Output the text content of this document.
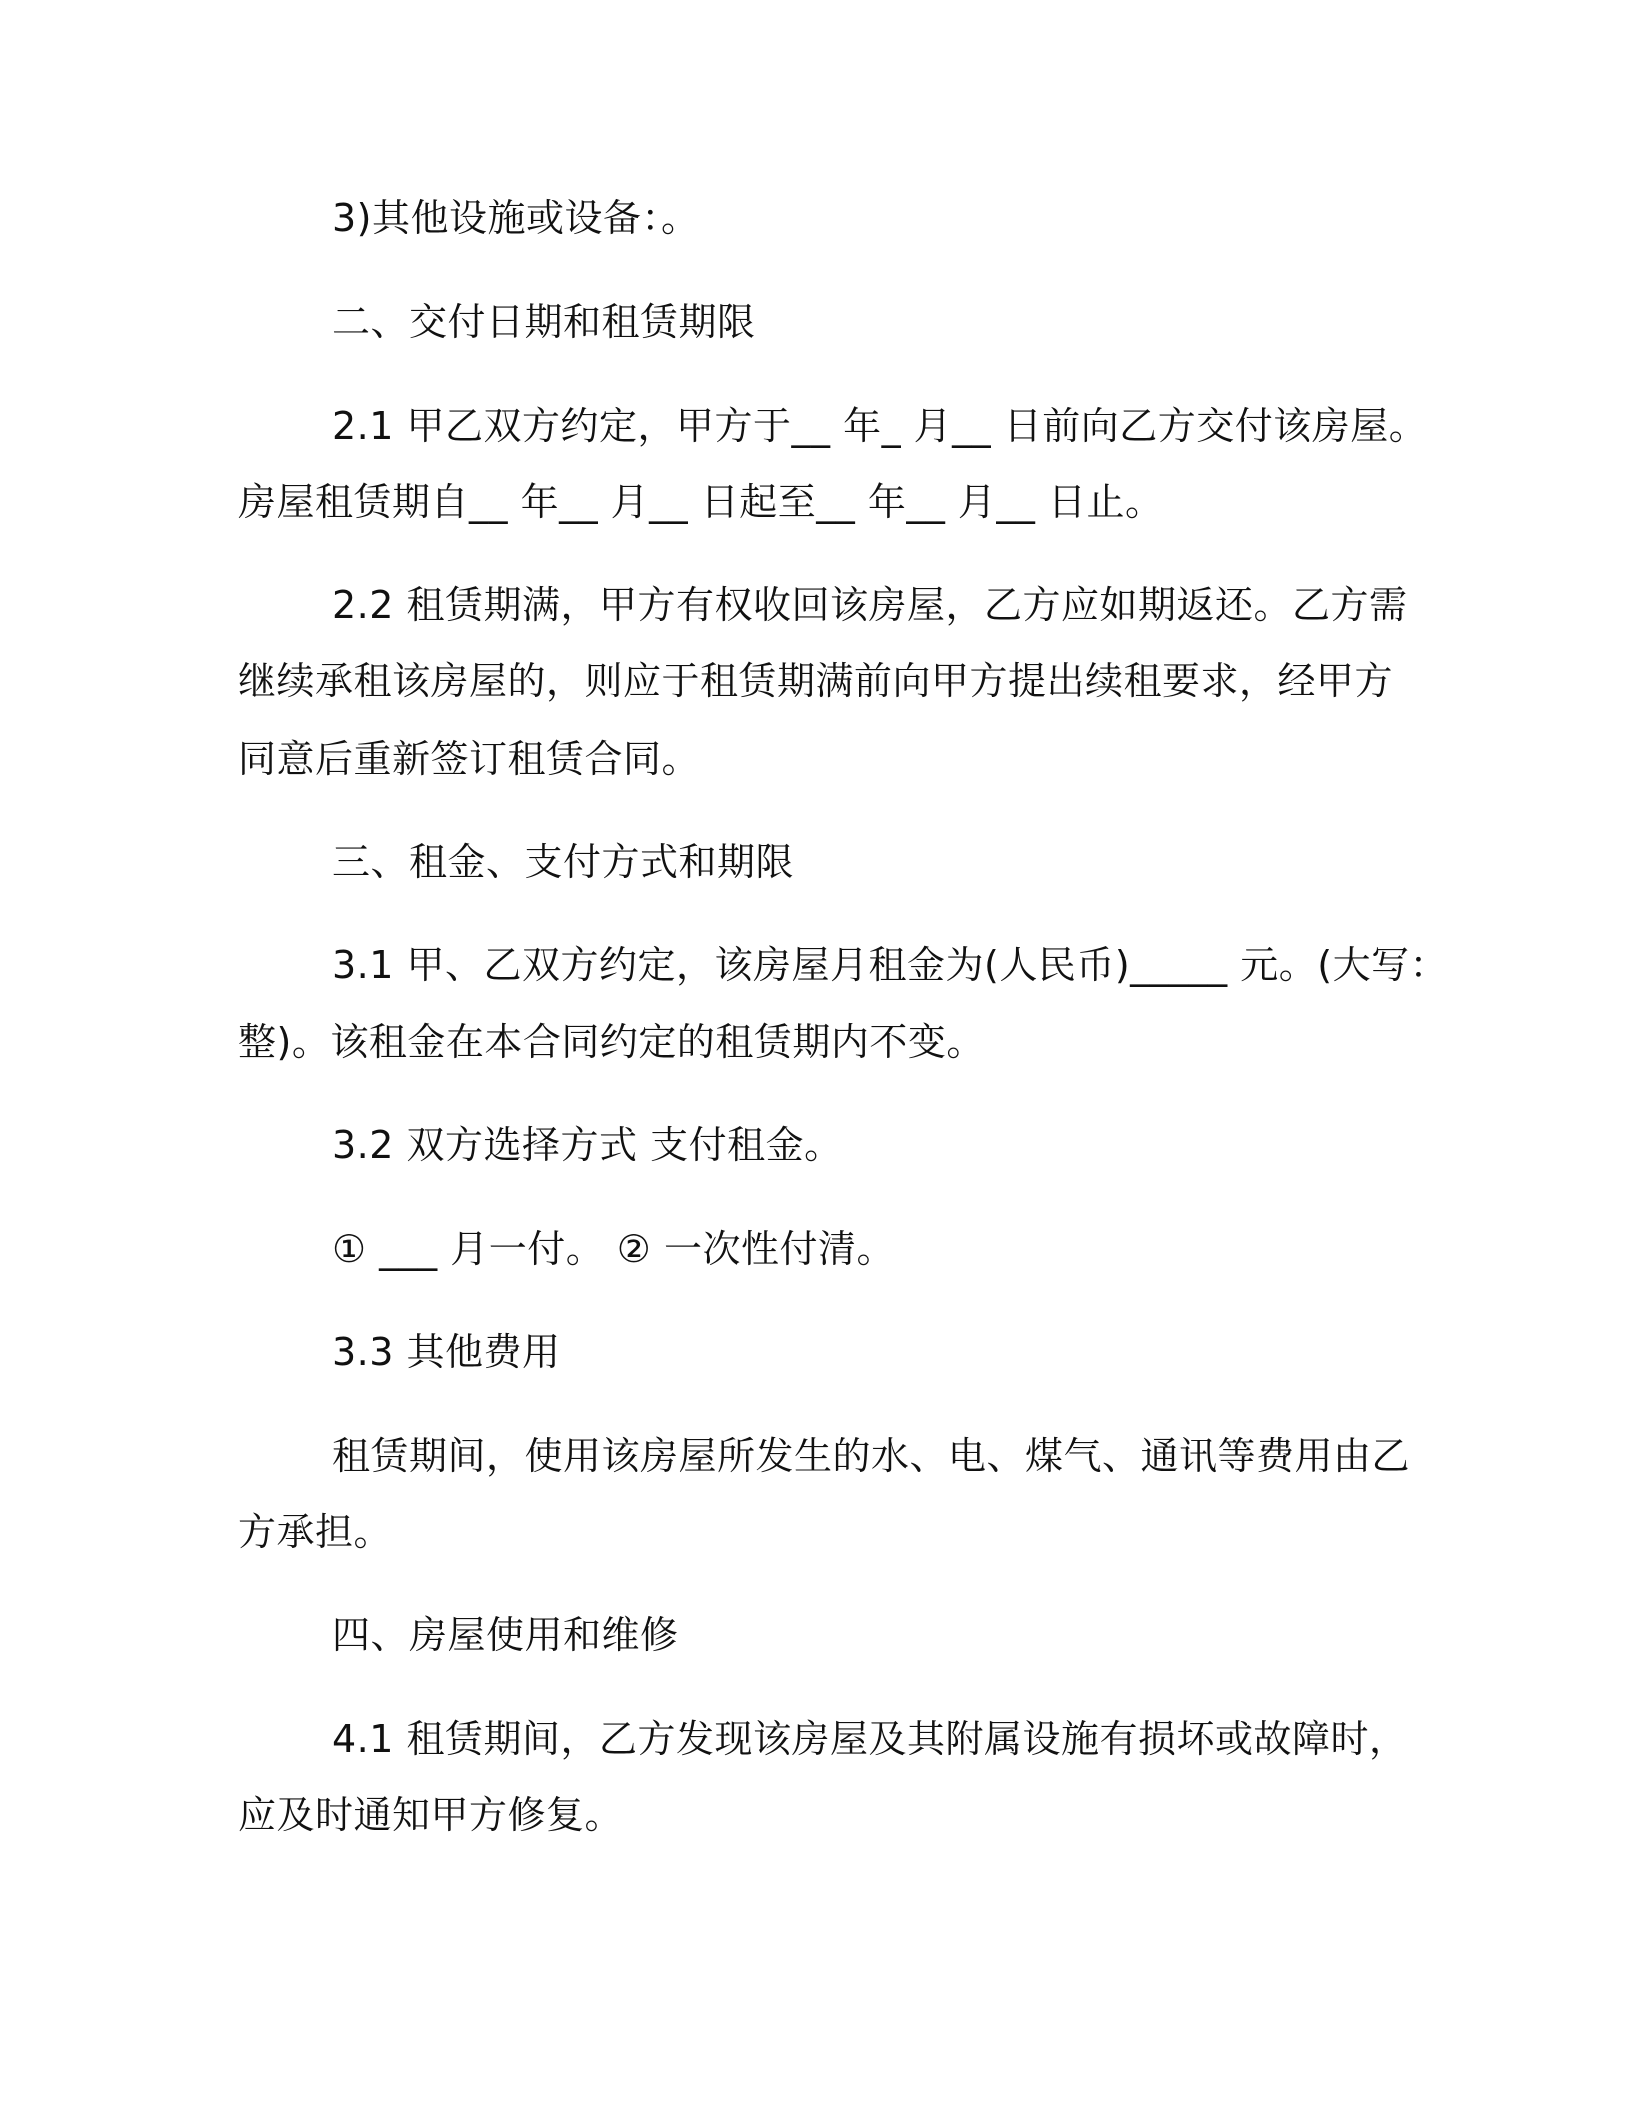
3)其他设施或设备：。
二、交付日期和租赁期限
2.1 甲乙双方约定，甲方于__ 年_ 月__ 日前向乙方交付该房屋。
房屋租赁期自__ 年__ 月__ 日起至__ 年__ 月__ 日止。
2.2 租赁期满，甲方有权收回该房屋，乙方应如期返还。乙方需
继续承租该房屋的，则应于租赁期满前向甲方提出续租要求，经甲方
同意后重新签订租赁合同。
三、租金、支付方式和期限
3.1 甲、乙双方约定，该房屋月租金为(人民币)_____ 元。(大写：
整)。该租金在本合同约定的租赁期内不变。
3.2 双方选择方式 支付租金。
① ___ 月一付。 ② 一次性付清。
3.3 其他费用
租赁期间，使用该房屋所发生的水、电、煤气、通讯等费用由乙
方承担。
四、房屋使用和维修
4.1 租赁期间，乙方发现该房屋及其附属设施有损坏或故障时，
应及时通知甲方修复。
